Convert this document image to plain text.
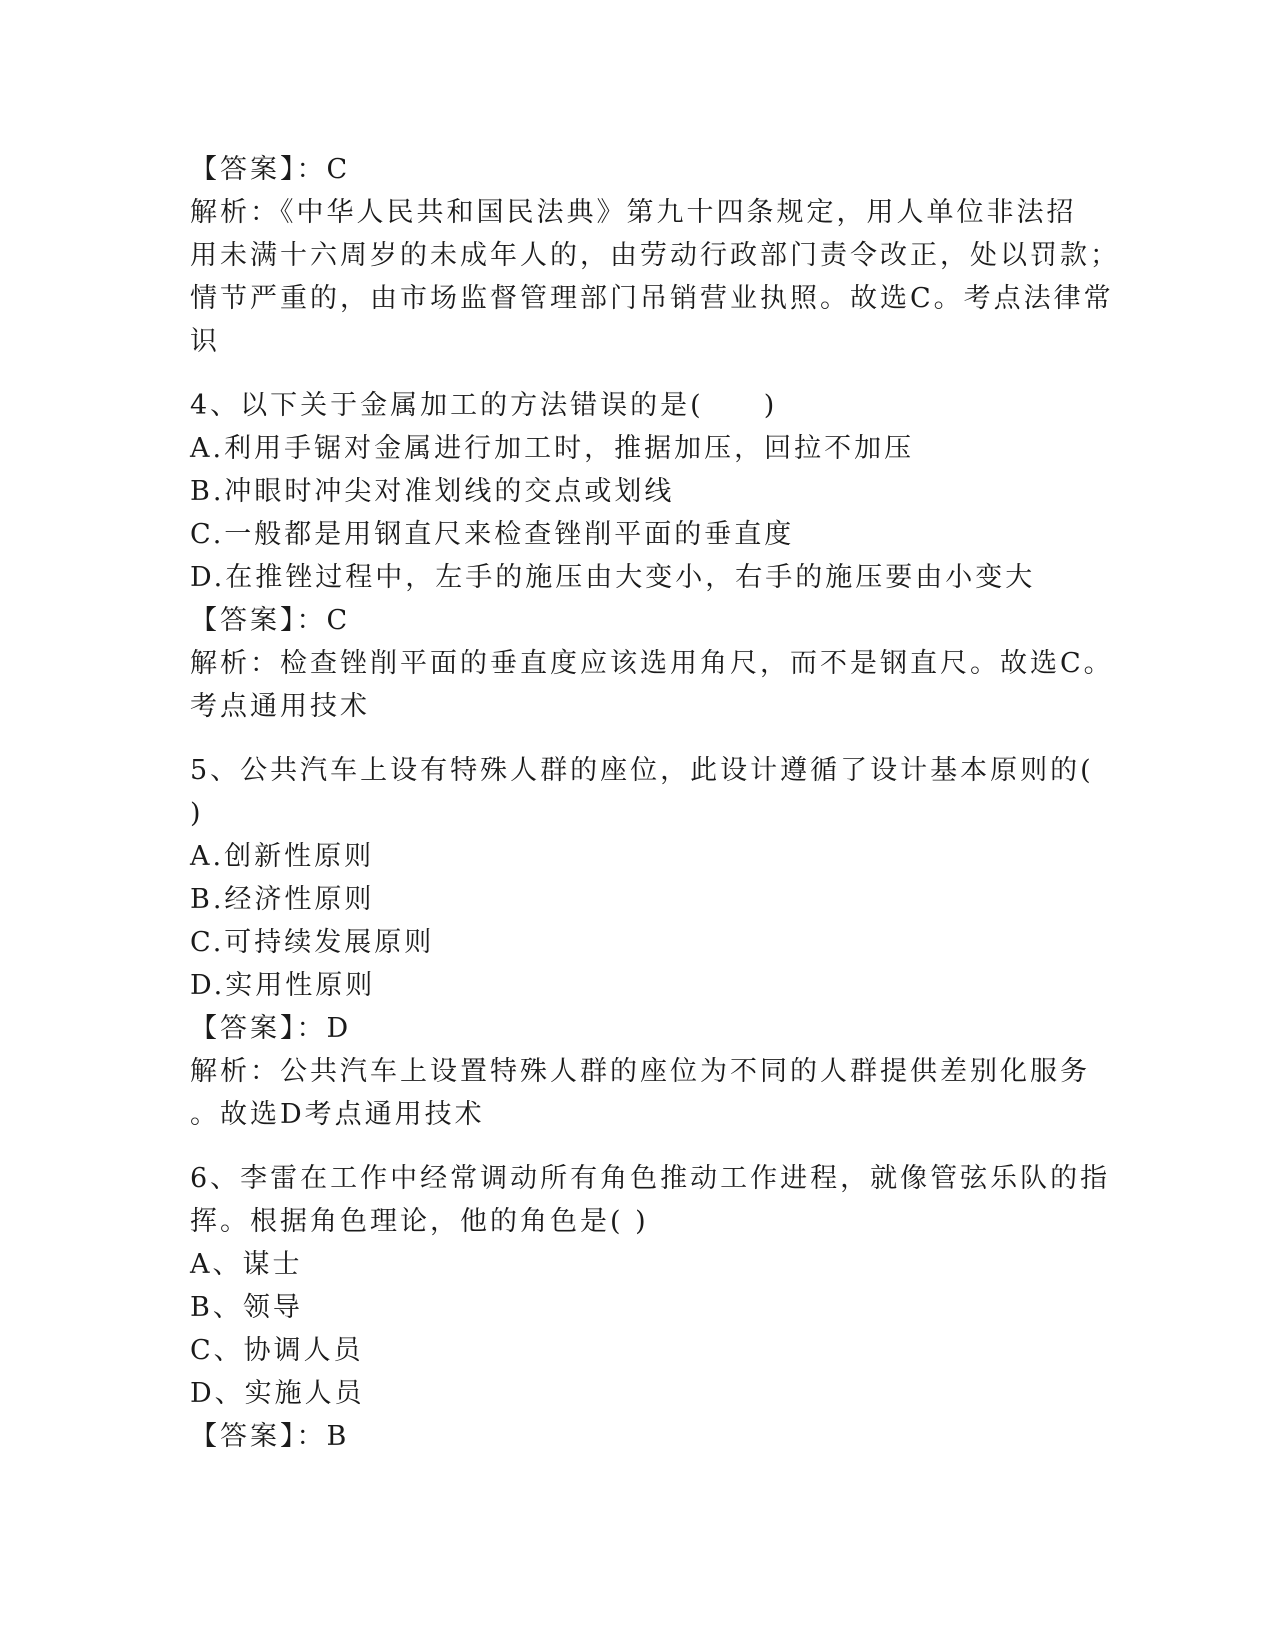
【答案】：C
解析：《中华人民共和国民法典》第九十四条规定，用人单位非法招
用未满十六周岁的未成年人的，由劳动行政部门责令改正，处以罚款；
情节严重的，由市场监督管理部门吊销营业执照。故选C。考点法律常
识
4、以下关于金属加工的方法错误的是(　　)
A.利用手锯对金属进行加工时，推据加压，回拉不加压
B.冲眼时冲尖对准划线的交点或划线
C.一般都是用钢直尺来检查锉削平面的垂直度
D.在推锉过程中，左手的施压由大变小，右手的施压要由小变大
【答案】：C
解析：检查锉削平面的垂直度应该选用角尺，而不是钢直尺。故选C。
考点通用技术
5、公共汽车上设有特殊人群的座位，此设计遵循了设计基本原则的(
)
A.创新性原则
B.经济性原则
C.可持续发展原则
D.实用性原则
【答案】：D
解析：公共汽车上设置特殊人群的座位为不同的人群提供差别化服务
。故选D考点通用技术
6、李雷在工作中经常调动所有角色推动工作进程，就像管弦乐队的指
挥。根据角色理论，他的角色是( )
A、谋士
B、领导
C、协调人员
D、实施人员
【答案】：B
